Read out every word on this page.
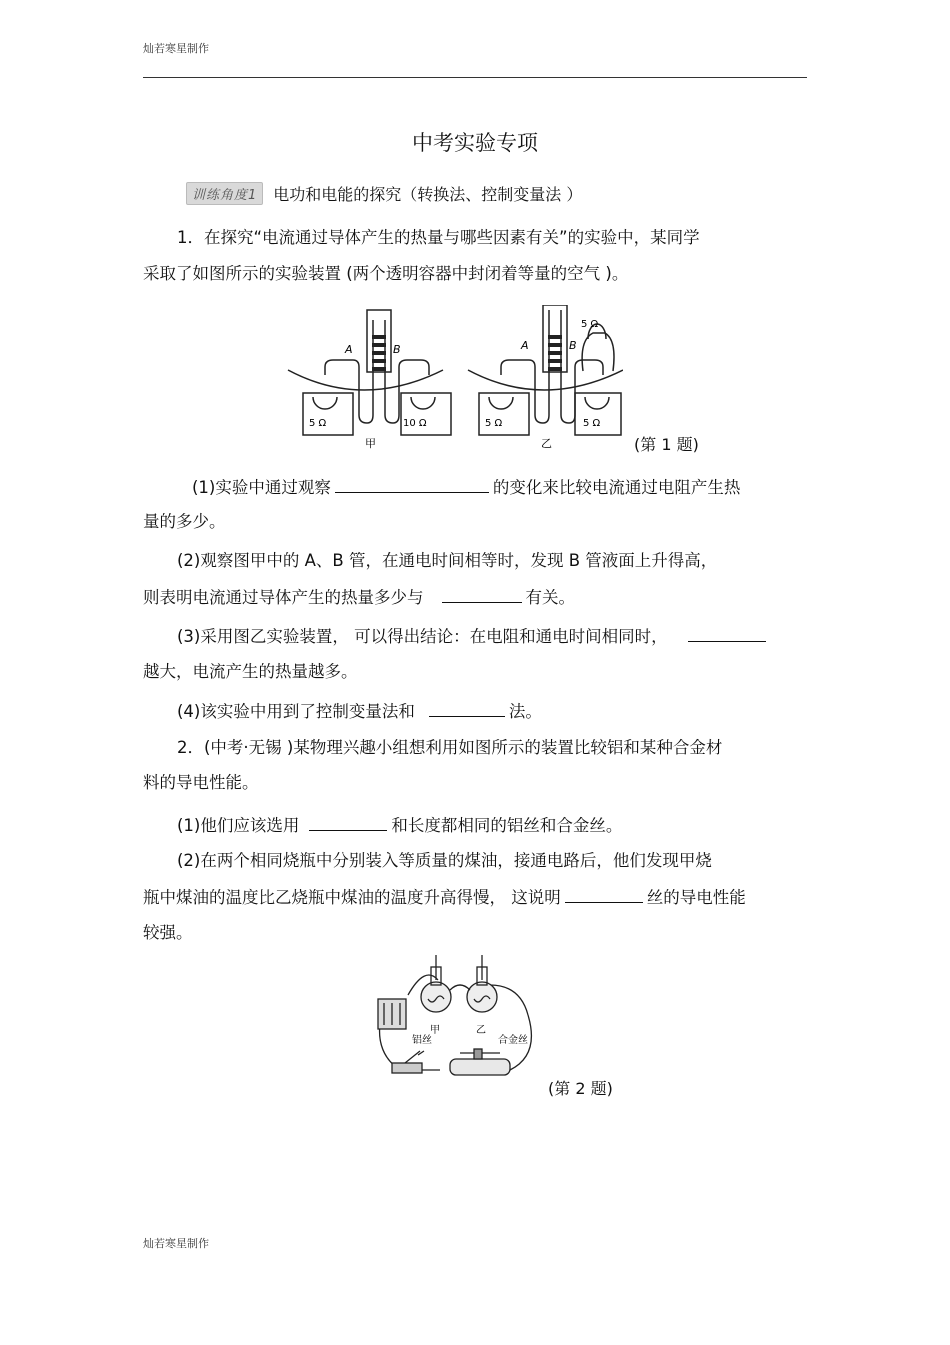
灿若寒星制作
中考实验专项
训练角度1	电功和电能的探究（转换法、控制变量法 ）
1．在探究“电流通过导体产生的热量与哪些因素有关”的实验中，某同学
采取了如图所示的实验装置 (两个透明容器中封闭着等量的空气 )。
A	B
5 Ω	10 Ω
甲
A	B
5 Ω
5 Ω	5 Ω
乙	(第 1 题)
(1)实验中通过观察	的变化来比较电流通过电阻产生热
量的多少。
(2)观察图甲中的 A、B 管，在通电时间相等时，发现 B 管液面上升得高，
则表明电流通过导体产生的热量多少与	有关。
(3)采用图乙实验装置， 可以得出结论：在电阻和通电时间相同时，
越大，电流产生的热量越多。
(4)该实验中用到了控制变量法和	法。
2．(中考·无锡 )某物理兴趣小组想利用如图所示的装置比较铝和某种合金材
料的导电性能。
(1)他们应该选用	和长度都相同的铝丝和合金丝。
(2)在两个相同烧瓶中分别装入等质量的煤油，接通电路后，他们发现甲烧
瓶中煤油的温度比乙烧瓶中煤油的温度升高得慢， 这说明	丝的导电性能
较强。
甲	乙
铝丝	合金丝
(第 2 题)
灿若寒星制作
